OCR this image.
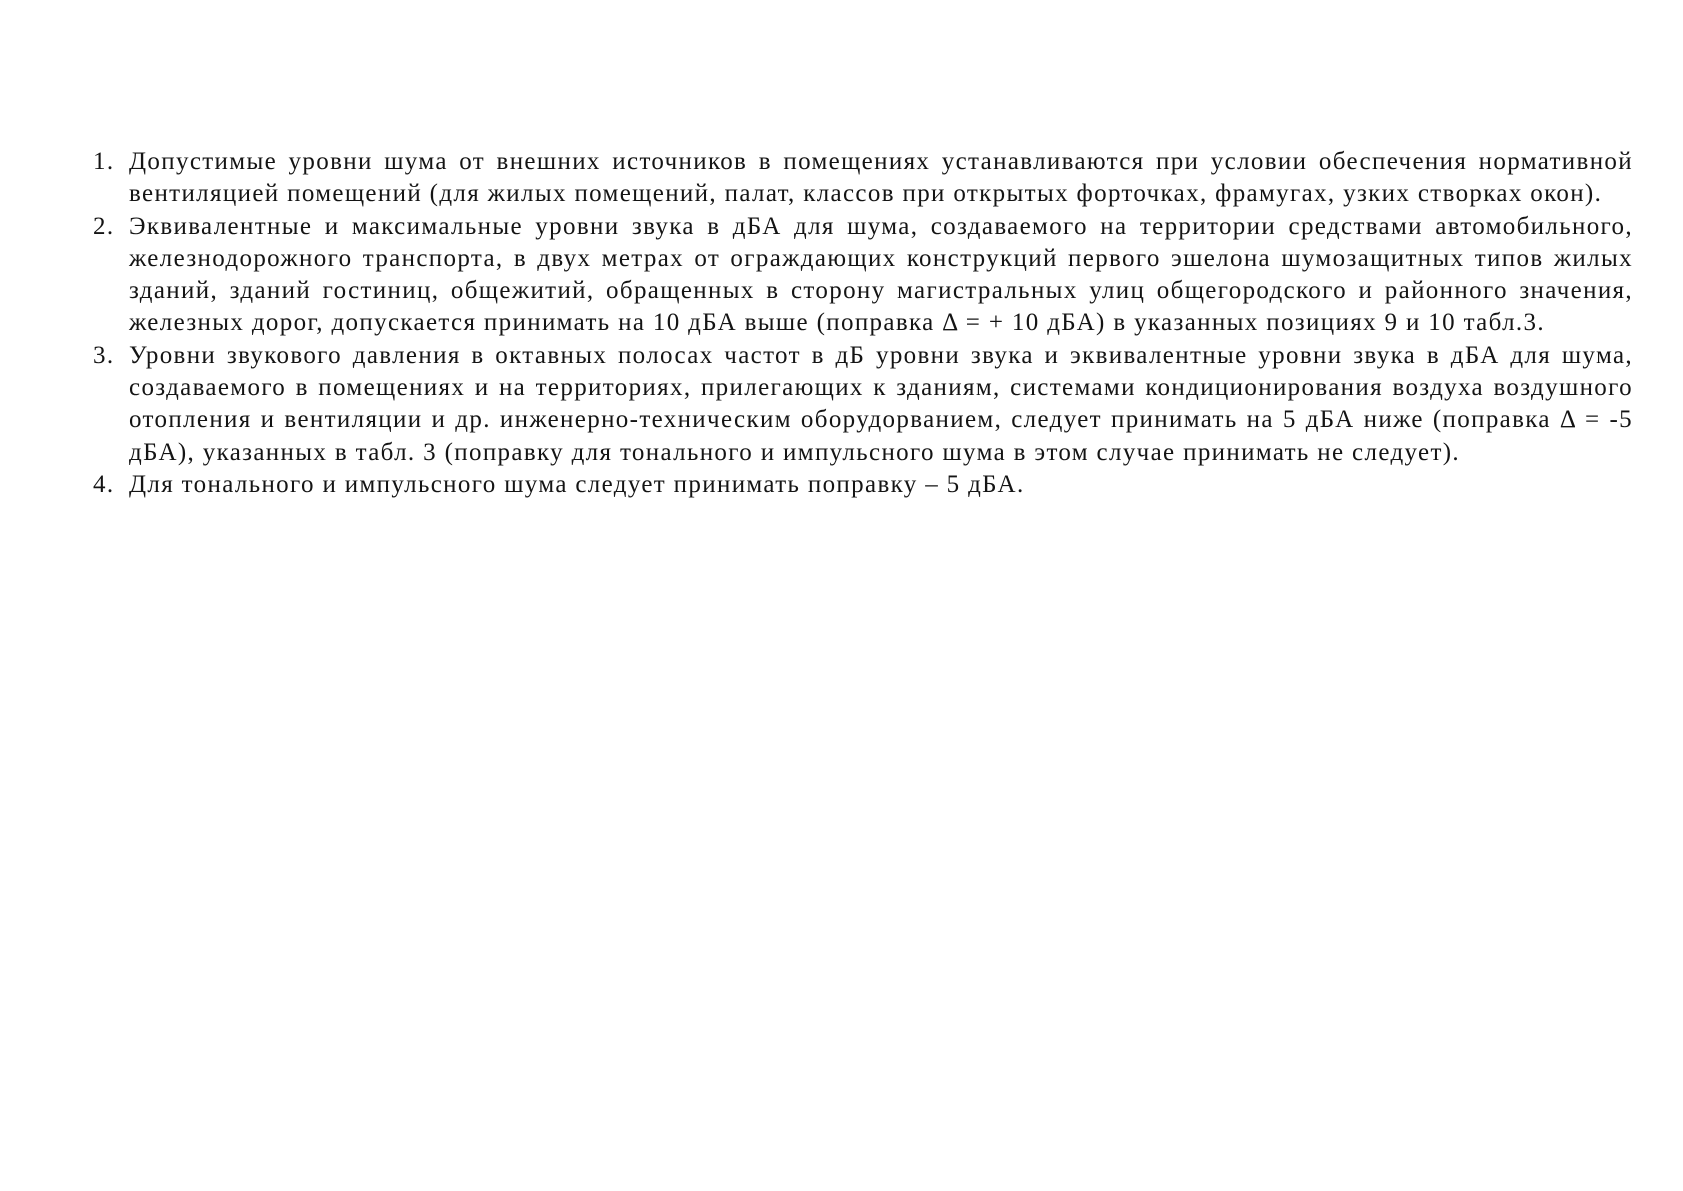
1. Допустимые уровни шума от внешних источников в помещениях устанавливаются при условии обеспечения нормативной вентиляцией помещений (для жилых помещений, палат, классов при открытых форточках, фрамугах, узких створках окон).
2. Эквивалентные и максимальные уровни звука в дБА для шума, создаваемого на территории средствами автомобильного, железнодорожного транспорта, в двух метрах от ограждающих конструкций первого эшелона шумозащитных типов жилых зданий, зданий гостиниц, общежитий, обращенных в сторону магистральных улиц общегородского и районного значения, железных дорог, допускается принимать на 10 дБА выше (поправка Δ = + 10 дБА) в указанных позициях 9 и 10 табл.3.
3. Уровни звукового давления в октавных полосах частот в дБ уровни звука и эквивалентные уровни звука в дБА для шума, создаваемого в помещениях и на территориях, прилегающих к зданиям, системами кондиционирования воздуха воздушного отопления и вентиляции и др. инженерно-техническим оборудорванием, следует принимать на 5 дБА ниже (поправка Δ = -5 дБА), указанных в табл. 3 (поправку для тонального и импульсного шума в этом случае принимать не следует).
4. Для тонального и импульсного шума следует принимать поправку – 5 дБА.
